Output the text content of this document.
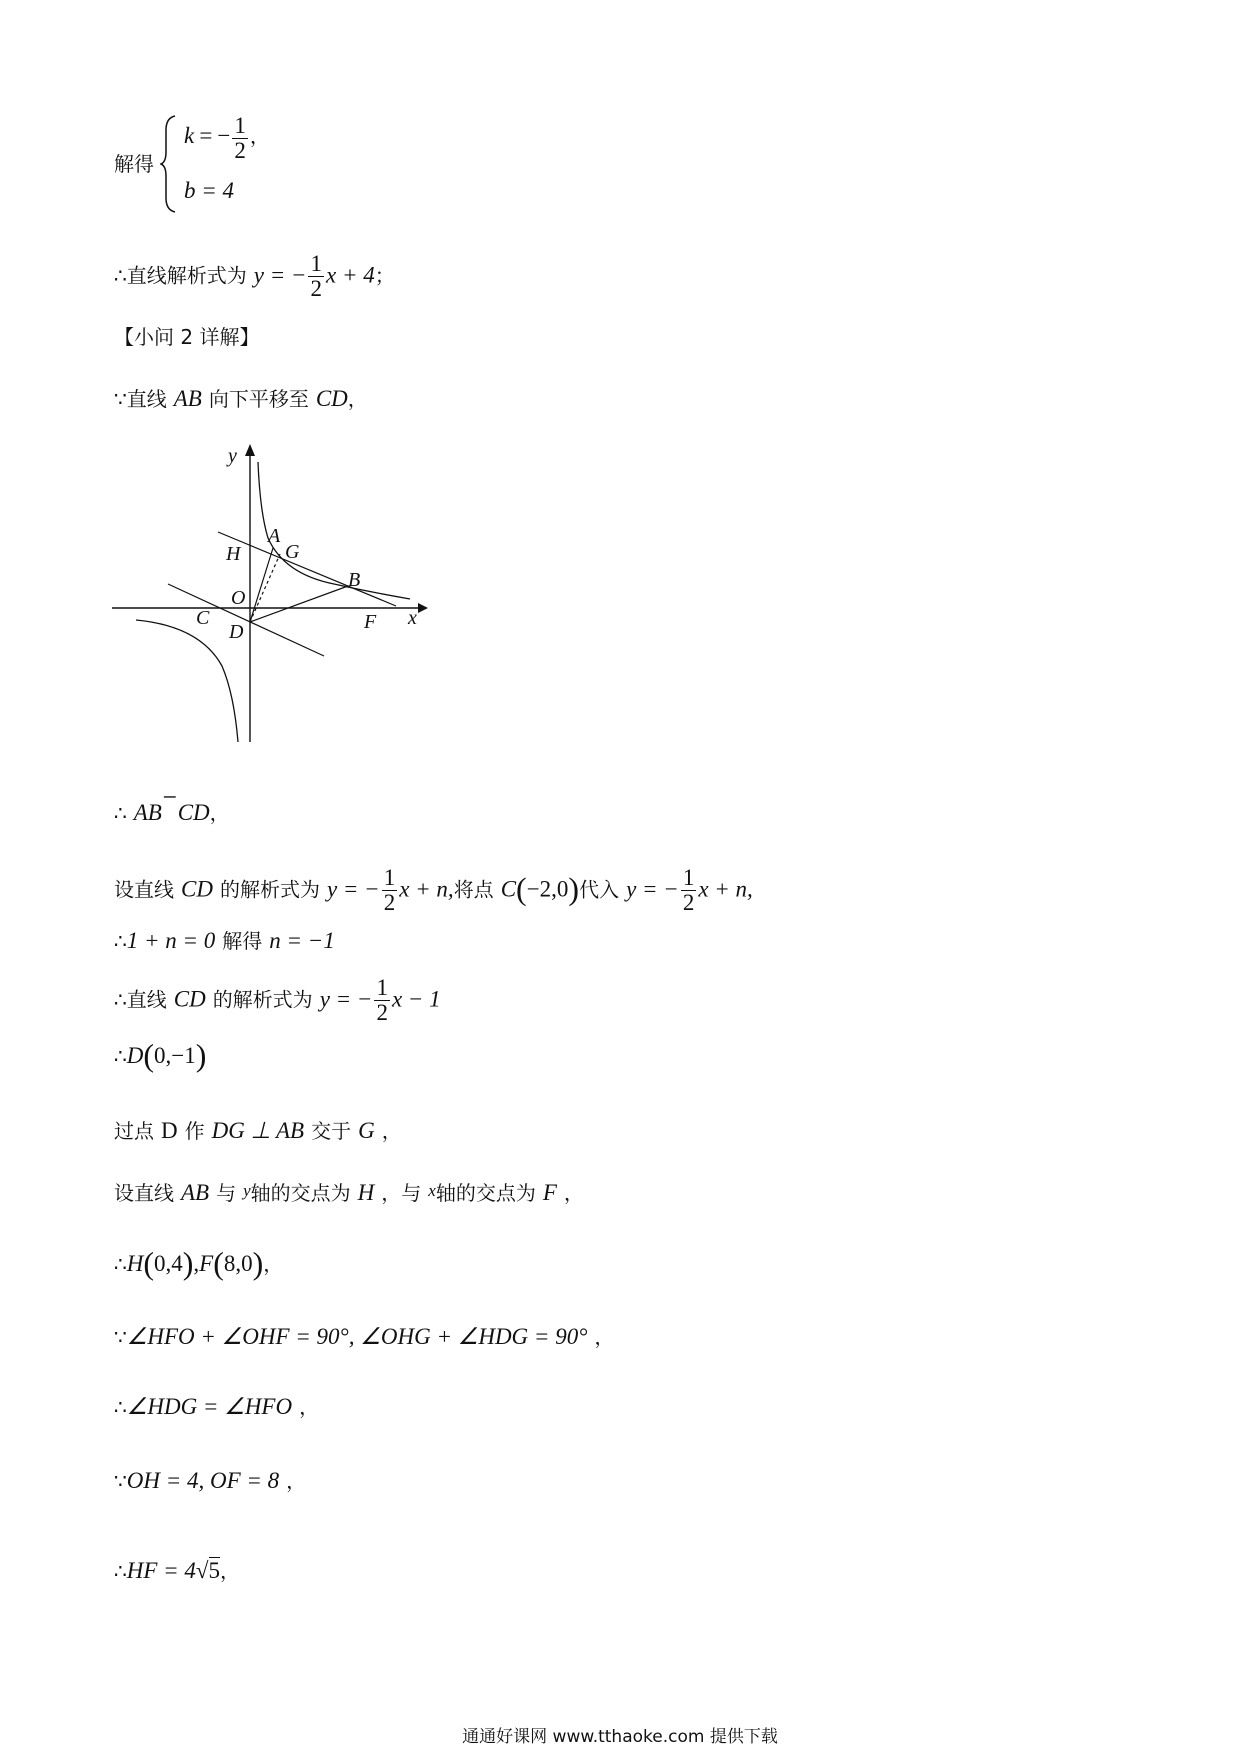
解得
k = − $\frac{1}{2}$ ，
b = 4
∴直线解析式为 y = − $\frac{1}{2}$ x + 4；
【小问 2 详解】
∵直线 AB 向下平移至 CD，
y
x
A
G
H
B
O
C
D	F
∴ AB⁻CD，
设直线 CD 的解析式为 y = − $\frac{1}{2}$ x + n,将点 C(−2,0)代入 y = − $\frac{1}{2}$ x + n,
∴1 + n = 0 解得 n = −1
∴直线 CD 的解析式为 y = − $\frac{1}{2}$ x − 1
∴D(0,−1)
过点 D 作 DG ⊥ AB 交于 G ，
设直线 AB 与 y轴的交点为 H ，与 x轴的交点为 F ，
∴H(0,4),F(8,0)，
∵∠HFO + ∠OHF = 90°, ∠OHG + ∠HDG = 90° ，
∴∠HDG = ∠HFO ，
∵OH = 4, OF = 8 ，
∴HF = 4√5，
通通好课网 www.tthaoke.com 提供下载
